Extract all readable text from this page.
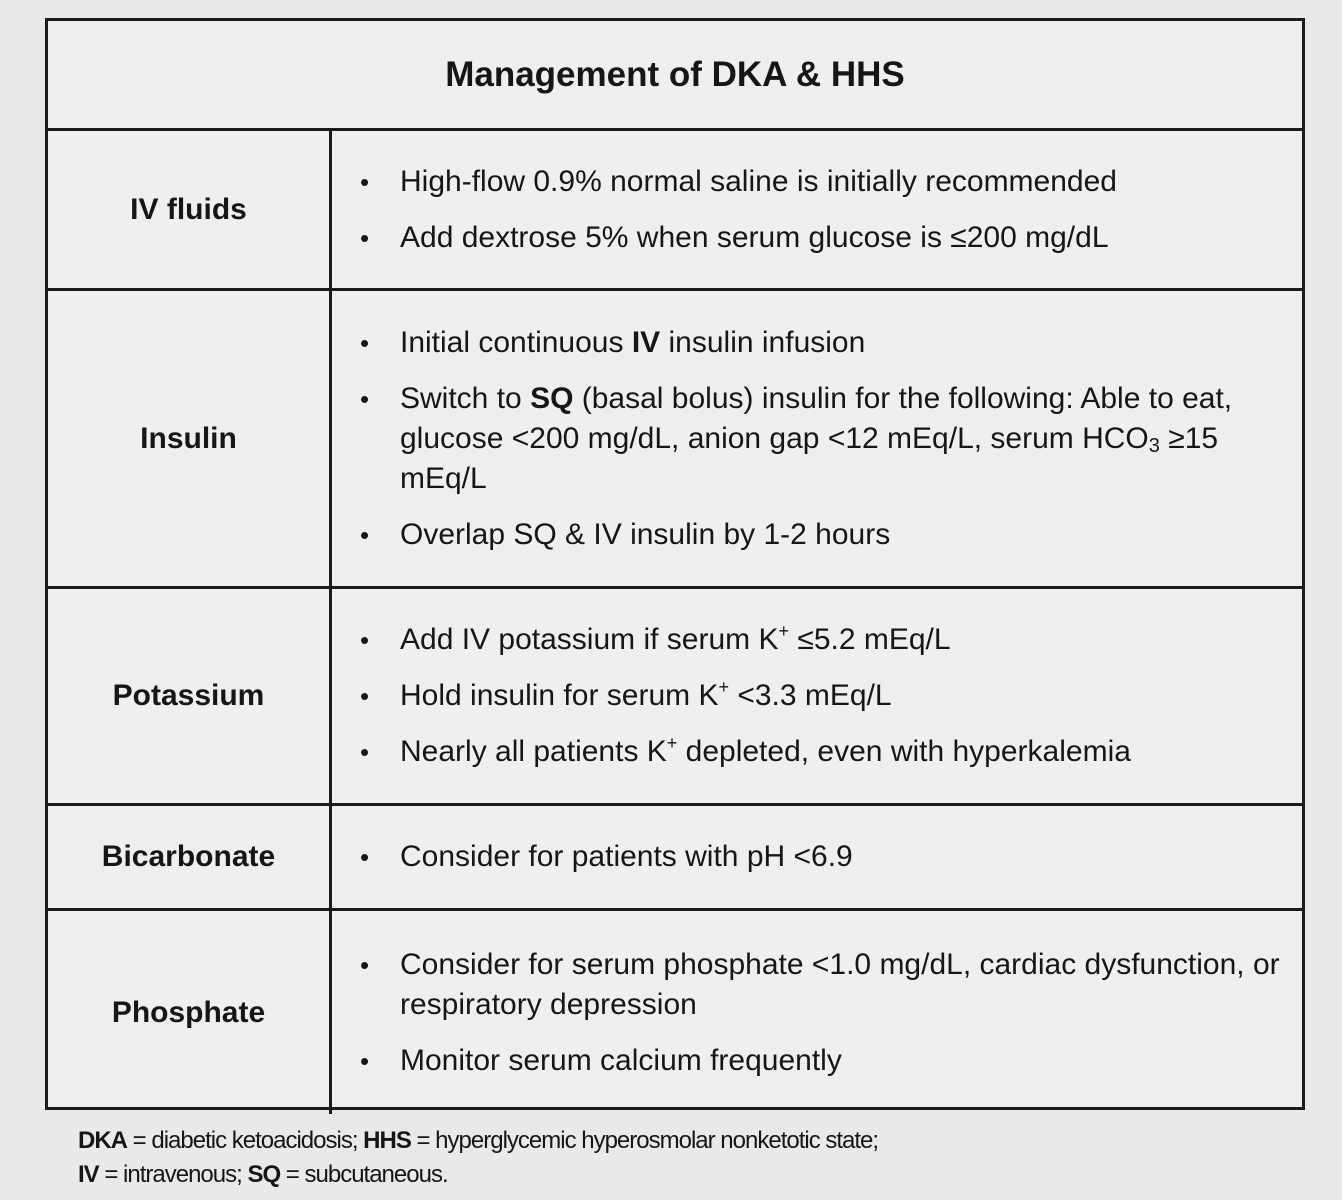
Management of DKA & HHS
IV fluids
•	High-flow 0.9% normal saline is initially recommended
•	Add dextrose 5% when serum glucose is ≤200 mg/dL
Insulin
•	Initial continuous IV insulin infusion
•	Switch to SQ (basal bolus) insulin for the following: Able to eat, glucose <200 mg/dL, anion gap <12 mEq/L, serum $HCO_3 \ge 15$ mEq/L
•	Overlap SQ & IV insulin by 1-2 hours
Potassium
•	Add IV potassium if serum K+ ≤5.2 mEq/L
•	Hold insulin for serum K+ <3.3 mEq/L
•	Nearly all patients K+ depleted, even with hyperkalemia
Bicarbonate	•	Consider for patients with pH <6.9
Phosphate
•	Consider for serum phosphate <1.0 mg/dL, cardiac dysfunction, or respiratory depression
•	Monitor serum calcium frequently
DKA = diabetic ketoacidosis; HHS = hyperglycemic hyperosmolar nonketotic state;
IV = intravenous; SQ = subcutaneous.
